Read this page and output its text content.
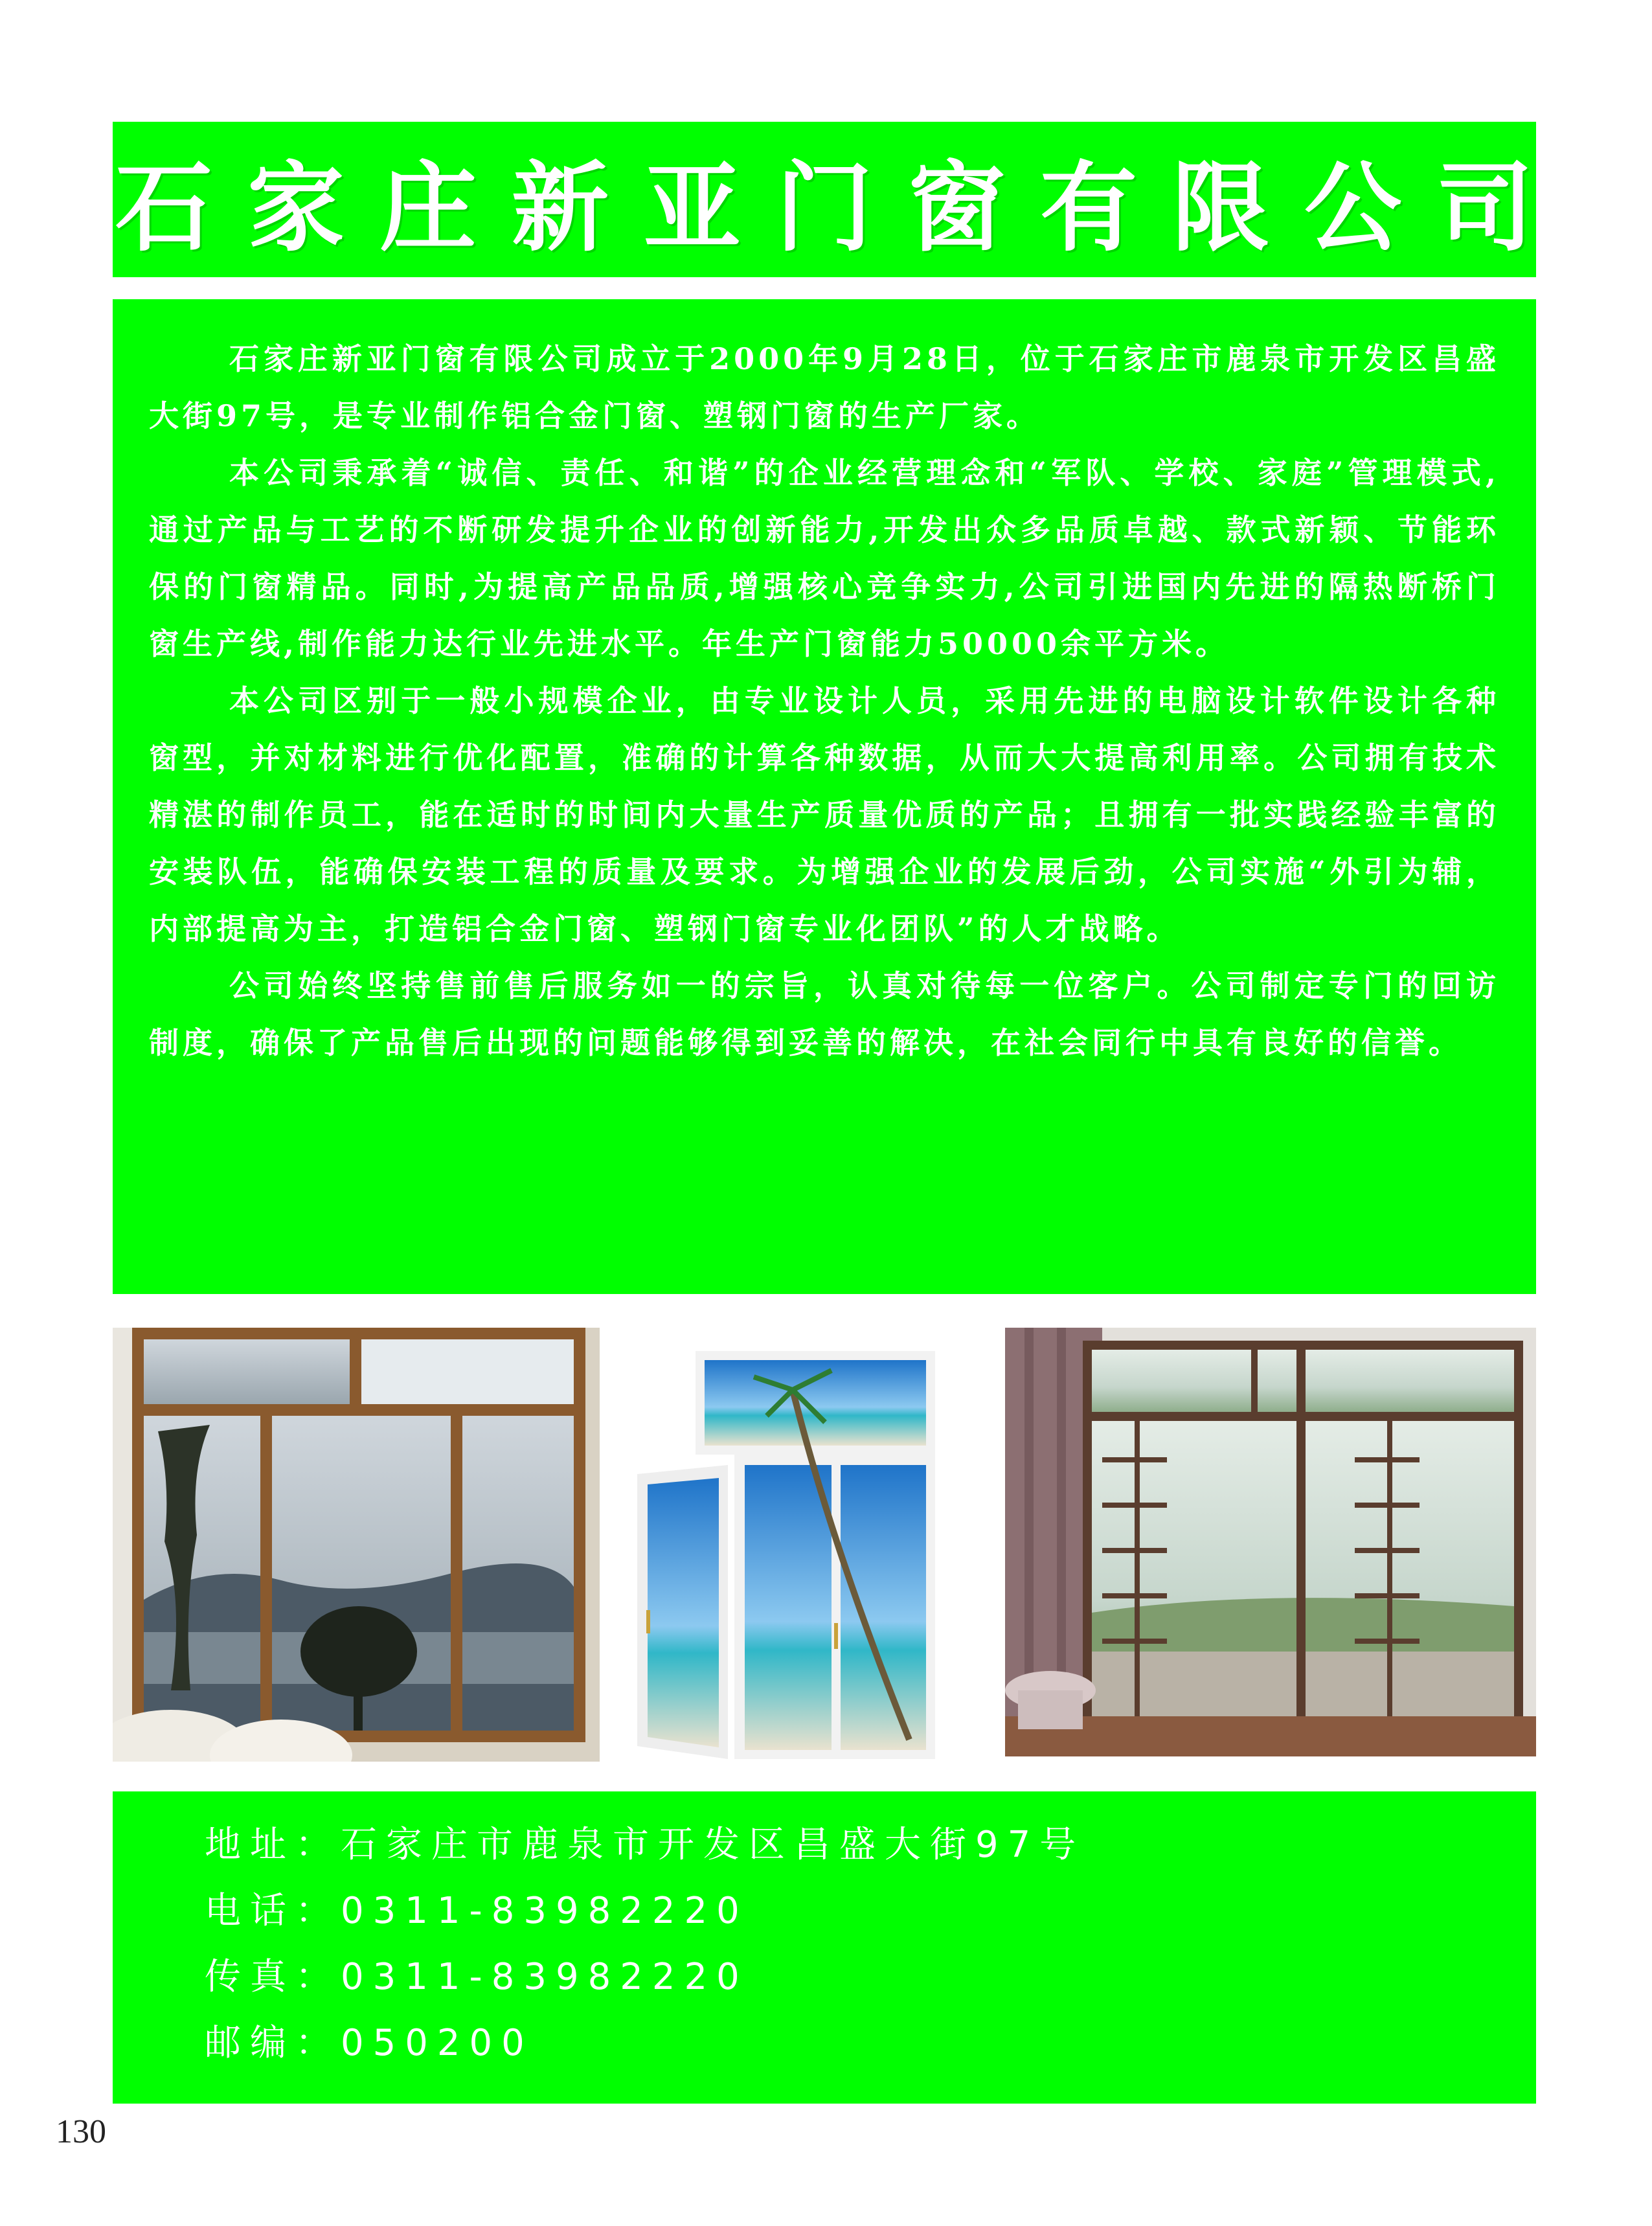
石家庄新亚门窗有限公司

石家庄新亚门窗有限公司成立于2000年9月28日，位于石家庄市鹿泉市开发区昌盛大街97号，是专业制作铝合金门窗、塑钢门窗的生产厂家。

本公司秉承着“诚信、责任、和谐”的企业经营理念和“军队、学校、家庭”管理模式,通过产品与工艺的不断研发提升企业的创新能力,开发出众多品质卓越、款式新颖、节能环保的门窗精品。同时,为提高产品品质,增强核心竞争实力,公司引进国内先进的隔热断桥门窗生产线,制作能力达行业先进水平。年生产门窗能力50000余平方米。

本公司区别于一般小规模企业，由专业设计人员，采用先进的电脑设计软件设计各种窗型，并对材料进行优化配置，准确的计算各种数据，从而大大提高利用率。公司拥有技术精湛的制作员工，能在适时的时间内大量生产质量优质的产品；且拥有一批实践经验丰富的安装队伍，能确保安装工程的质量及要求。为增强企业的发展后劲，公司实施“外引为辅，内部提高为主，打造铝合金门窗、塑钢门窗专业化团队”的人才战略。

公司始终坚持售前售后服务如一的宗旨，认真对待每一位客户。公司制定专门的回访制度，确保了产品售后出现的问题能够得到妥善的解决，在社会同行中具有良好的信誉。

地址：石家庄市鹿泉市开发区昌盛大街97号
电话：0311-83982220
传真：0311-83982220
邮编：050200
130
